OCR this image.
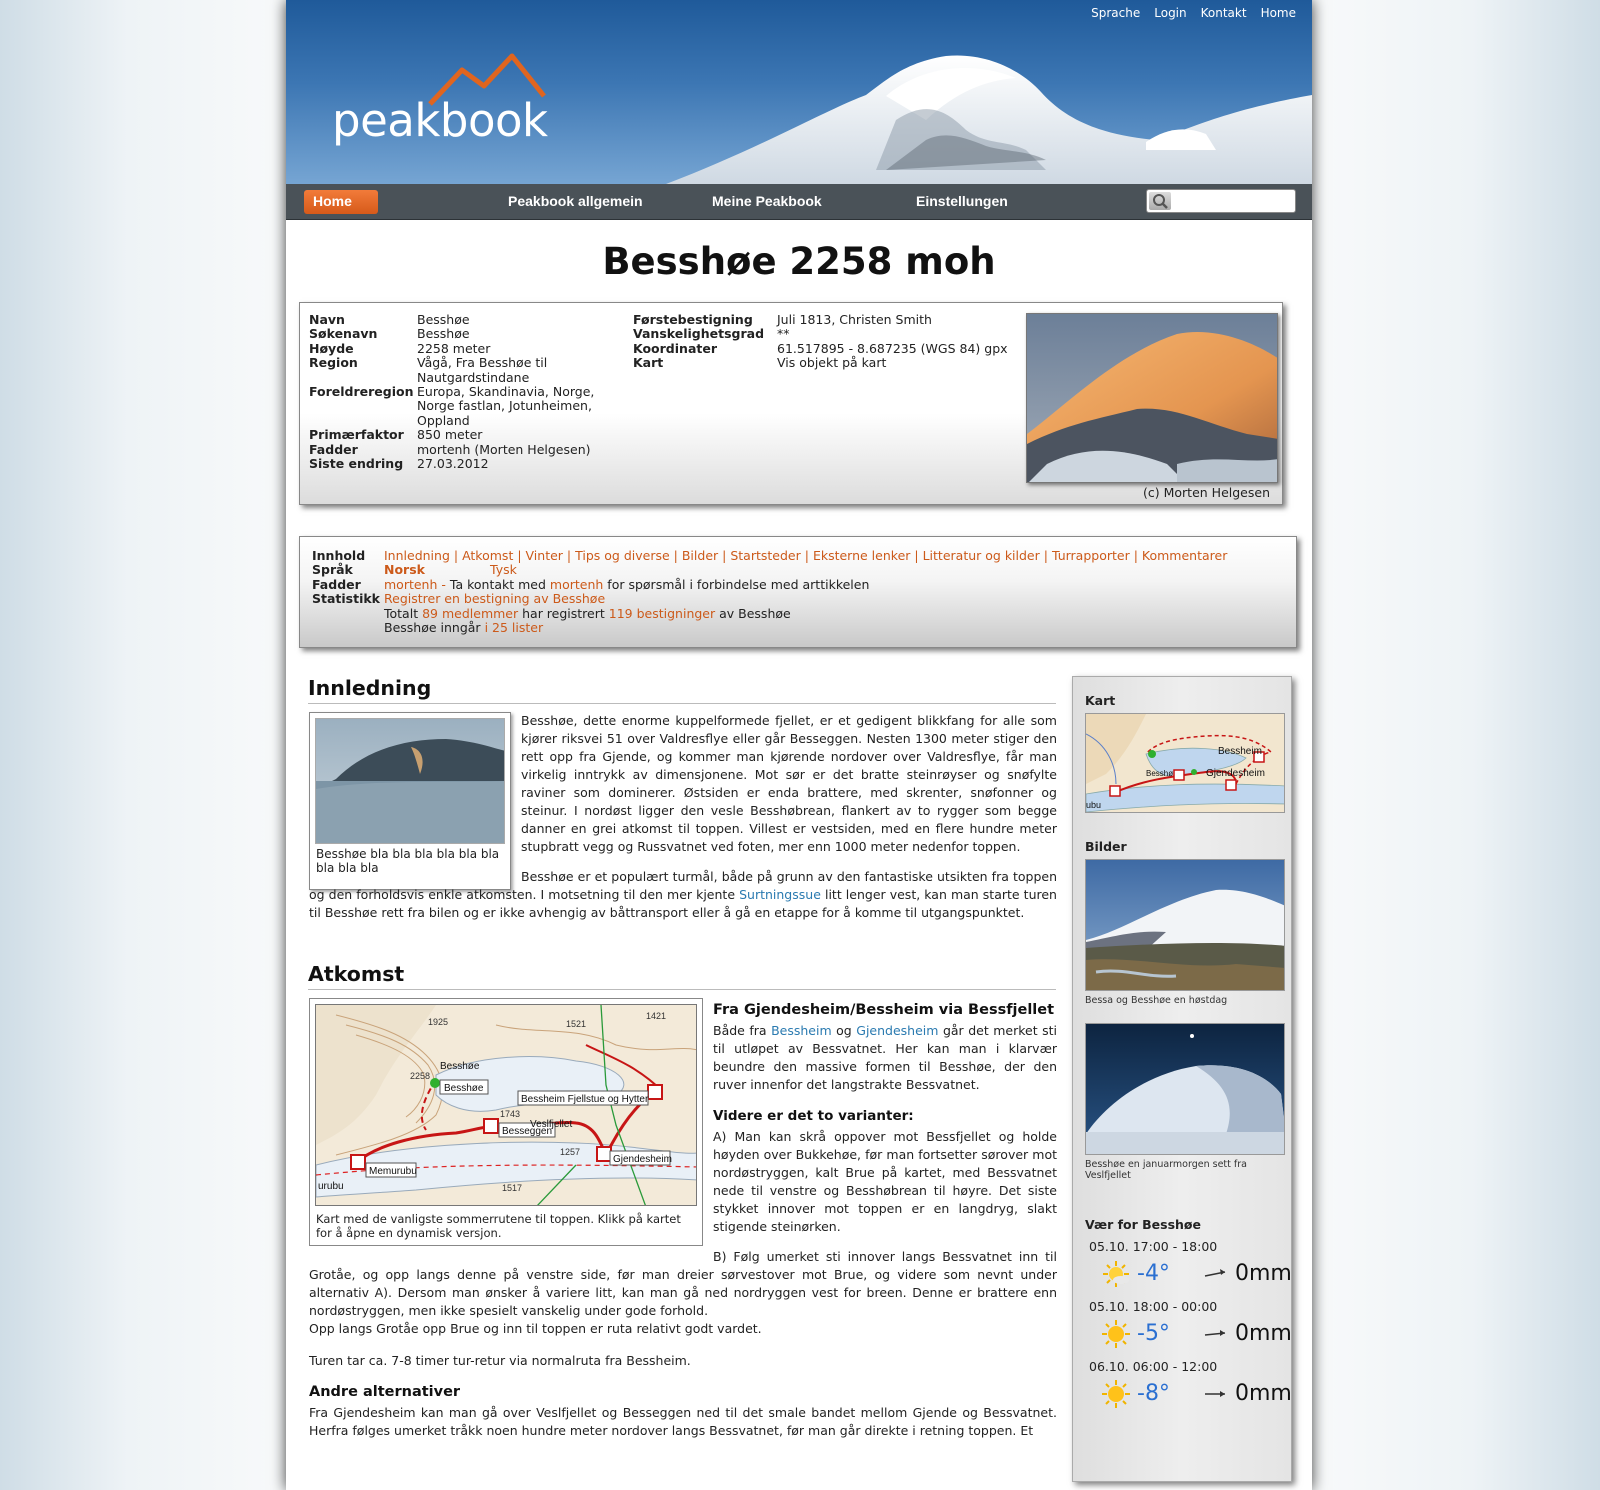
Sprache Login Kontakt Home
peakbook
Home	Peakbook allgemein	Meine Peakbook	Einstellungen
Besshøe 2258 moh
Navn	Besshøe
Søkenavn	Besshøe
Høyde	2258 meter
Region	Vågå, Fra Besshøe til
Nautgardstindane
Foreldreregion Europa, Skandinavia, Norge,
Norge fastlan, Jotunheimen,
Oppland
Primærfaktor 850 meter
Fadder	mortenh (Morten Helgesen)
Siste endring 27.03.2012
Førstebestigning Juli 1813, Christen Smith
Vanskelighetsgrad **
Koordinater	61.517895 - 8.687235 (WGS 84) gpx
Kart	Vis objekt på kart
(c) Morten Helgesen
Innhold Innledning | Atkomst | Vinter | Tips og diverse | Bilder | Startsteder | Eksterne lenker | Litteratur og kilder | Turrapporter | Kommentarer
Språk Norsk	Tysk
Fadder mortenh - Ta kontakt med mortenh for spørsmål i forbindelse med arttikkelen
Statistikk Registrer en bestigning av Besshøe
Totalt 89 medlemmer har registrert 119 bestigninger av Besshøe
Besshøe inngår i 25 lister
Innledning
Besshøe bla bla bla bla bla bla bla bla bla
Besshøe, dette enorme kuppelformede fjellet, er et gedigent blikkfang for alle som kjører riksvei 51 over Valdresflye eller går Besseggen. Nesten 1300 meter stiger den rett opp fra Gjende, og kommer man kjørende nordover over Valdresflye, får man virkelig inntrykk av dimensjonene. Mot sør er det bratte steinrøyser og snøfylte raviner som dominerer. Østsiden er enda brattere, med skrenter, snøfonner og steinur. I nordøst ligger den vesle Besshøbrean, flankert av to rygger som begge danner en grei atkomst til toppen. Villest er vestsiden, med en flere hundre meter stupbratt vegg og Russvatnet ved foten, mer enn 1000 meter nedenfor toppen.
Besshøe er et populært turmål, både på grunn av den fantastiske utsikten fra toppen og den forholdsvis enkle atkomsten. I motsetning til den mer kjente Surtningssue litt lenger vest, kan man starte turen til Besshøe rett fra bilen og er ikke avhengig av båttransport eller å gå en etappe for å komme til utgangspunktet.
Atkomst
1925	1521
1421
2258
1743
1257
1517
Besshøe
Besshøe
Bessheim Fjellstue og Hytter
Besseggen
Veslfjellet
Gjendesheim
Memurubu
urubu
Kart med de vanligste sommerrutene til toppen. Klikk på kartet for å åpne en dynamisk versjon.
Fra Gjendesheim/Bessheim via Bessfjellet
Både fra Bessheim og Gjendesheim går det merket sti til utløpet av Bessvatnet. Her kan man i klarvær beundre den massive formen til Besshøe, der den ruver innenfor det langstrakte Bessvatnet.
Videre er det to varianter:
A) Man kan skrå oppover mot Bessfjellet og holde høyden over Bukkehøe, før man fortsetter sørover mot nordøstryggen, kalt Brue på kartet, med Bessvatnet nede til venstre og Besshøbrean til høyre. Det siste stykket innover mot toppen er en langdryg, slakt stigende steinørken.
B) Følg umerket sti innover langs Bessvatnet inn til Grotåe, og opp langs denne på venstre side, før man dreier sørvestover mot Brue, og videre som nevnt under alternativ A). Dersom man ønsker å variere litt, kan man gå ned nordryggen vest for breen. Denne er brattere enn nordøstryggen, men ikke spesielt vanskelig under gode forhold.
Opp langs Grotåe opp Brue og inn til toppen er ruta relativt godt vardet.
Turen tar ca. 7-8 timer tur-retur via normalruta fra Bessheim.
Andre alternativer
Fra Gjendesheim kan man gå over Veslfjellet og Besseggen ned til det smale bandet mellom Gjende og Bessvatnet. Herfra følges umerket tråkk noen hundre meter nordover langs Bessvatnet, før man går direkte i retning toppen. Et
Kart
Bessheim
Gjendesheim
Besshø
ubu
Bilder
Bessa og Besshøe en høstdag
Besshøe en januarmorgen sett fra Veslfjellet
Vær for Besshøe
05.10. 17:00 - 18:00
-4°	0mm
05.10. 18:00 - 00:00
-5°	0mm
06.10. 06:00 - 12:00
-8°	0mm
